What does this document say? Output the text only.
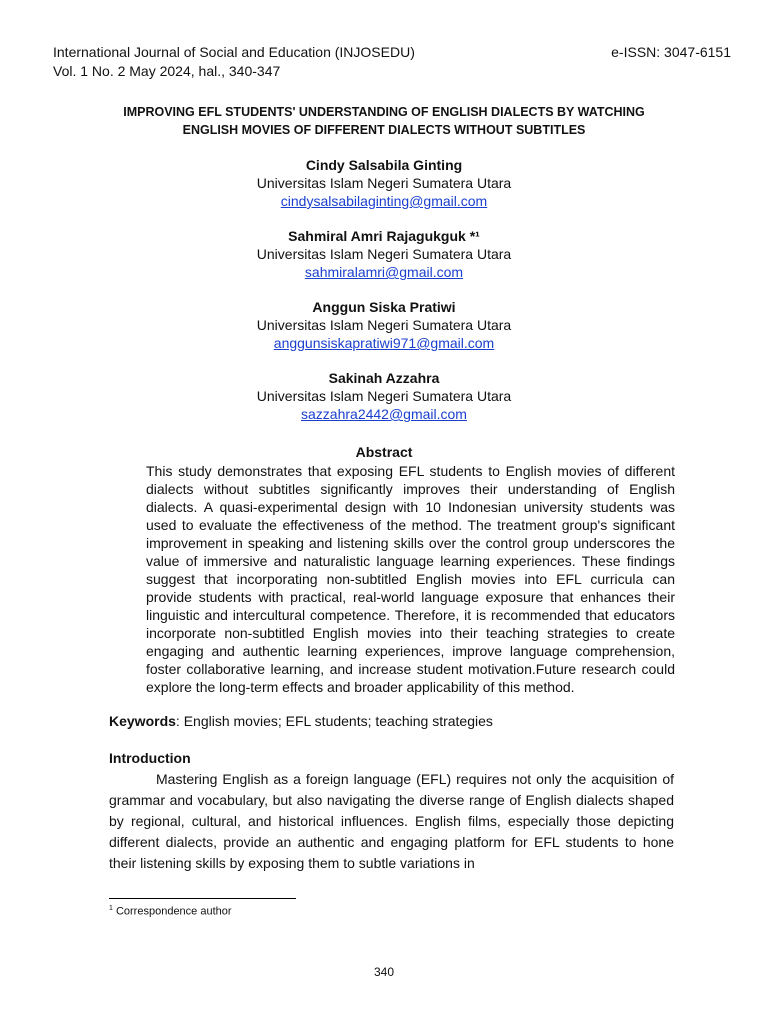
International Journal of Social and Education (INJOSEDU)	e-ISSN: 3047-6151
Vol. 1 No. 2 May 2024, hal., 340-347
IMPROVING EFL STUDENTS' UNDERSTANDING OF ENGLISH DIALECTS BY WATCHING
ENGLISH MOVIES OF DIFFERENT DIALECTS WITHOUT SUBTITLES
Cindy Salsabila Ginting
Universitas Islam Negeri Sumatera Utara
cindysalsabilaginting@gmail.com
Sahmiral Amri Rajagukguk *¹
Universitas Islam Negeri Sumatera Utara
sahmiralamri@gmail.com
Anggun Siska Pratiwi
Universitas Islam Negeri Sumatera Utara
anggunsiskapratiwi971@gmail.com
Sakinah Azzahra
Universitas Islam Negeri Sumatera Utara
sazzahra2442@gmail.com
Abstract
This study demonstrates that exposing EFL students to English movies of different dialects without subtitles significantly improves their understanding of English dialects. A quasi-experimental design with 10 Indonesian university students was used to evaluate the effectiveness of the method. The treatment group's significant improvement in speaking and listening skills over the control group underscores the value of immersive and naturalistic language learning experiences. These findings suggest that incorporating non-subtitled English movies into EFL curricula can provide students with practical, real-world language exposure that enhances their linguistic and intercultural competence. Therefore, it is recommended that educators incorporate non-subtitled English movies into their teaching strategies to create engaging and authentic learning experiences, improve language comprehension, foster collaborative learning, and increase student motivation.Future research could explore the long-term effects and broader applicability of this method.
Keywords: English movies; EFL students; teaching strategies
Introduction
Mastering English as a foreign language (EFL) requires not only the acquisition of grammar and vocabulary, but also navigating the diverse range of English dialects shaped by regional, cultural, and historical influences. English films, especially those depicting different dialects, provide an authentic and engaging platform for EFL students to hone their listening skills by exposing them to subtle variations in
$^1$ Correspondence author
340
